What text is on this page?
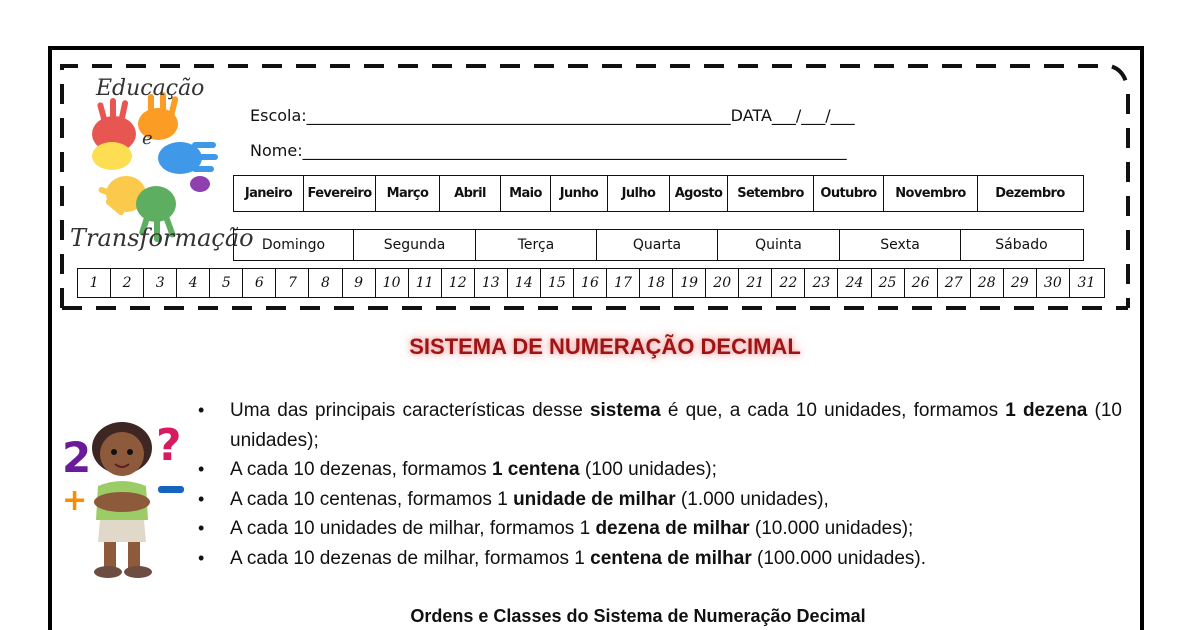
Educação
e
Transformação
Escola:_____________________________________________________DATA___/___/___
Nome:____________________________________________________________________
Janeiro	Fevereiro	Março	Abril	Maio	Junho	Julho	Agosto	Setembro	Outubro	Novembro	Dezembro
Domingo	Segunda	Terça	Quarta	Quinta	Sexta	Sábado
1	2	3	4	5	6	7	8	9	10	11	12	13	14	15	16	17	18	19	20	21	22	23	24	25	26	27	28	29	30	31
SISTEMA DE NUMERAÇÃO DECIMAL
2 ?
+
• Uma das principais características desse sistema é que, a cada 10 unidades, formamos 1 dezena (10 unidades);
• A cada 10 dezenas, formamos 1 centena (100 unidades);
• A cada 10 centenas, formamos 1 unidade de milhar (1.000 unidades),
• A cada 10 unidades de milhar, formamos 1 dezena de milhar (10.000 unidades);
• A cada 10 dezenas de milhar, formamos 1 centena de milhar (100.000 unidades).
Ordens e Classes do Sistema de Numeração Decimal
